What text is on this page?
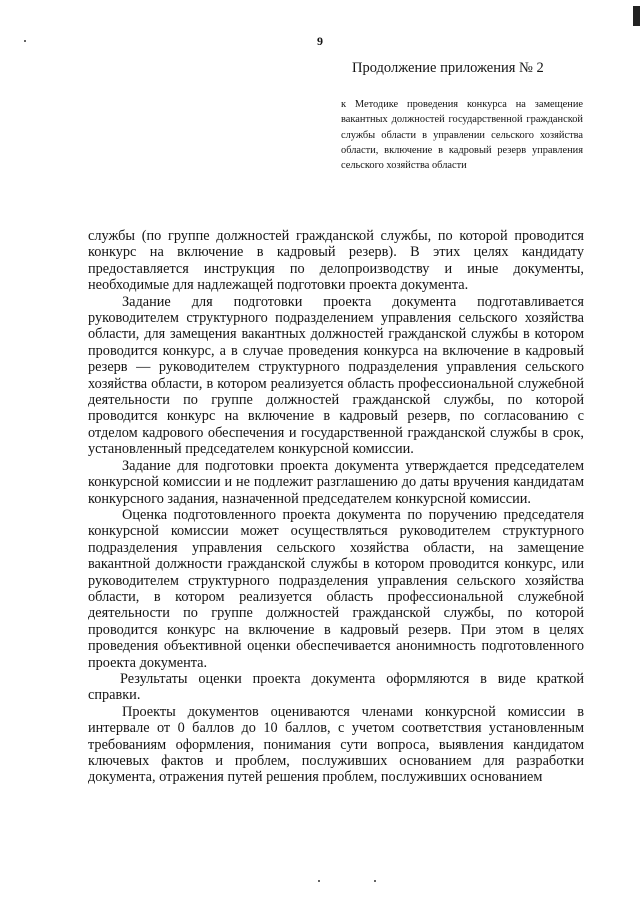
9
Продолжение приложения № 2
к Методике проведения конкурса на замещение вакантных должностей государственной гражданской службы области в управлении сельского хозяйства области, включение в кадровый резерв управления сельского хозяйства области

службы (по группе должностей гражданской службы, по которой проводится конкурс на включение в кадровый резерв). В этих целях кандидату предоставляется инструкция по делопроизводству и иные документы, необходимые для надлежащей подготовки проекта документа.

Задание для подготовки проекта документа подготавливается руководителем структурного подразделением управления сельского хозяйства области, для замещения вакантных должностей гражданской службы в котором проводится конкурс, а в случае проведения конкурса на включение в кадровый резерв — руководителем структурного подразделения управления сельского хозяйства области, в котором реализуется область профессиональной служебной деятельности по группе должностей гражданской службы, по которой проводится конкурс на включение в кадровый резерв, по согласованию с отделом кадрового обеспечения и государственной гражданской службы в срок, установленный председателем конкурсной комиссии.

Задание для подготовки проекта документа утверждается председателем конкурсной комиссии и не подлежит разглашению до даты вручения кандидатам конкурсного задания, назначенной председателем конкурсной комиссии.

Оценка подготовленного проекта документа по поручению председателя конкурсной комиссии может осуществляться руководителем структурного подразделения управления сельского хозяйства области, на замещение вакантной должности гражданской службы в котором проводится конкурс, или руководителем структурного подразделения управления сельского хозяйства области, в котором реализуется область профессиональной служебной деятельности по группе должностей гражданской службы, по которой проводится конкурс на включение в кадровый резерв. При этом в целях проведения объективной оценки обеспечивается анонимность подготовленного проекта документа.

Результаты оценки проекта документа оформляются в виде краткой справки.

Проекты документов оцениваются членами конкурсной комиссии в интервале от 0 баллов до 10 баллов, с учетом соответствия установленным требованиям оформления, понимания сути вопроса, выявления кандидатом ключевых фактов и проблем, послуживших основанием для разработки документа, отражения путей решения проблем, послуживших основанием
